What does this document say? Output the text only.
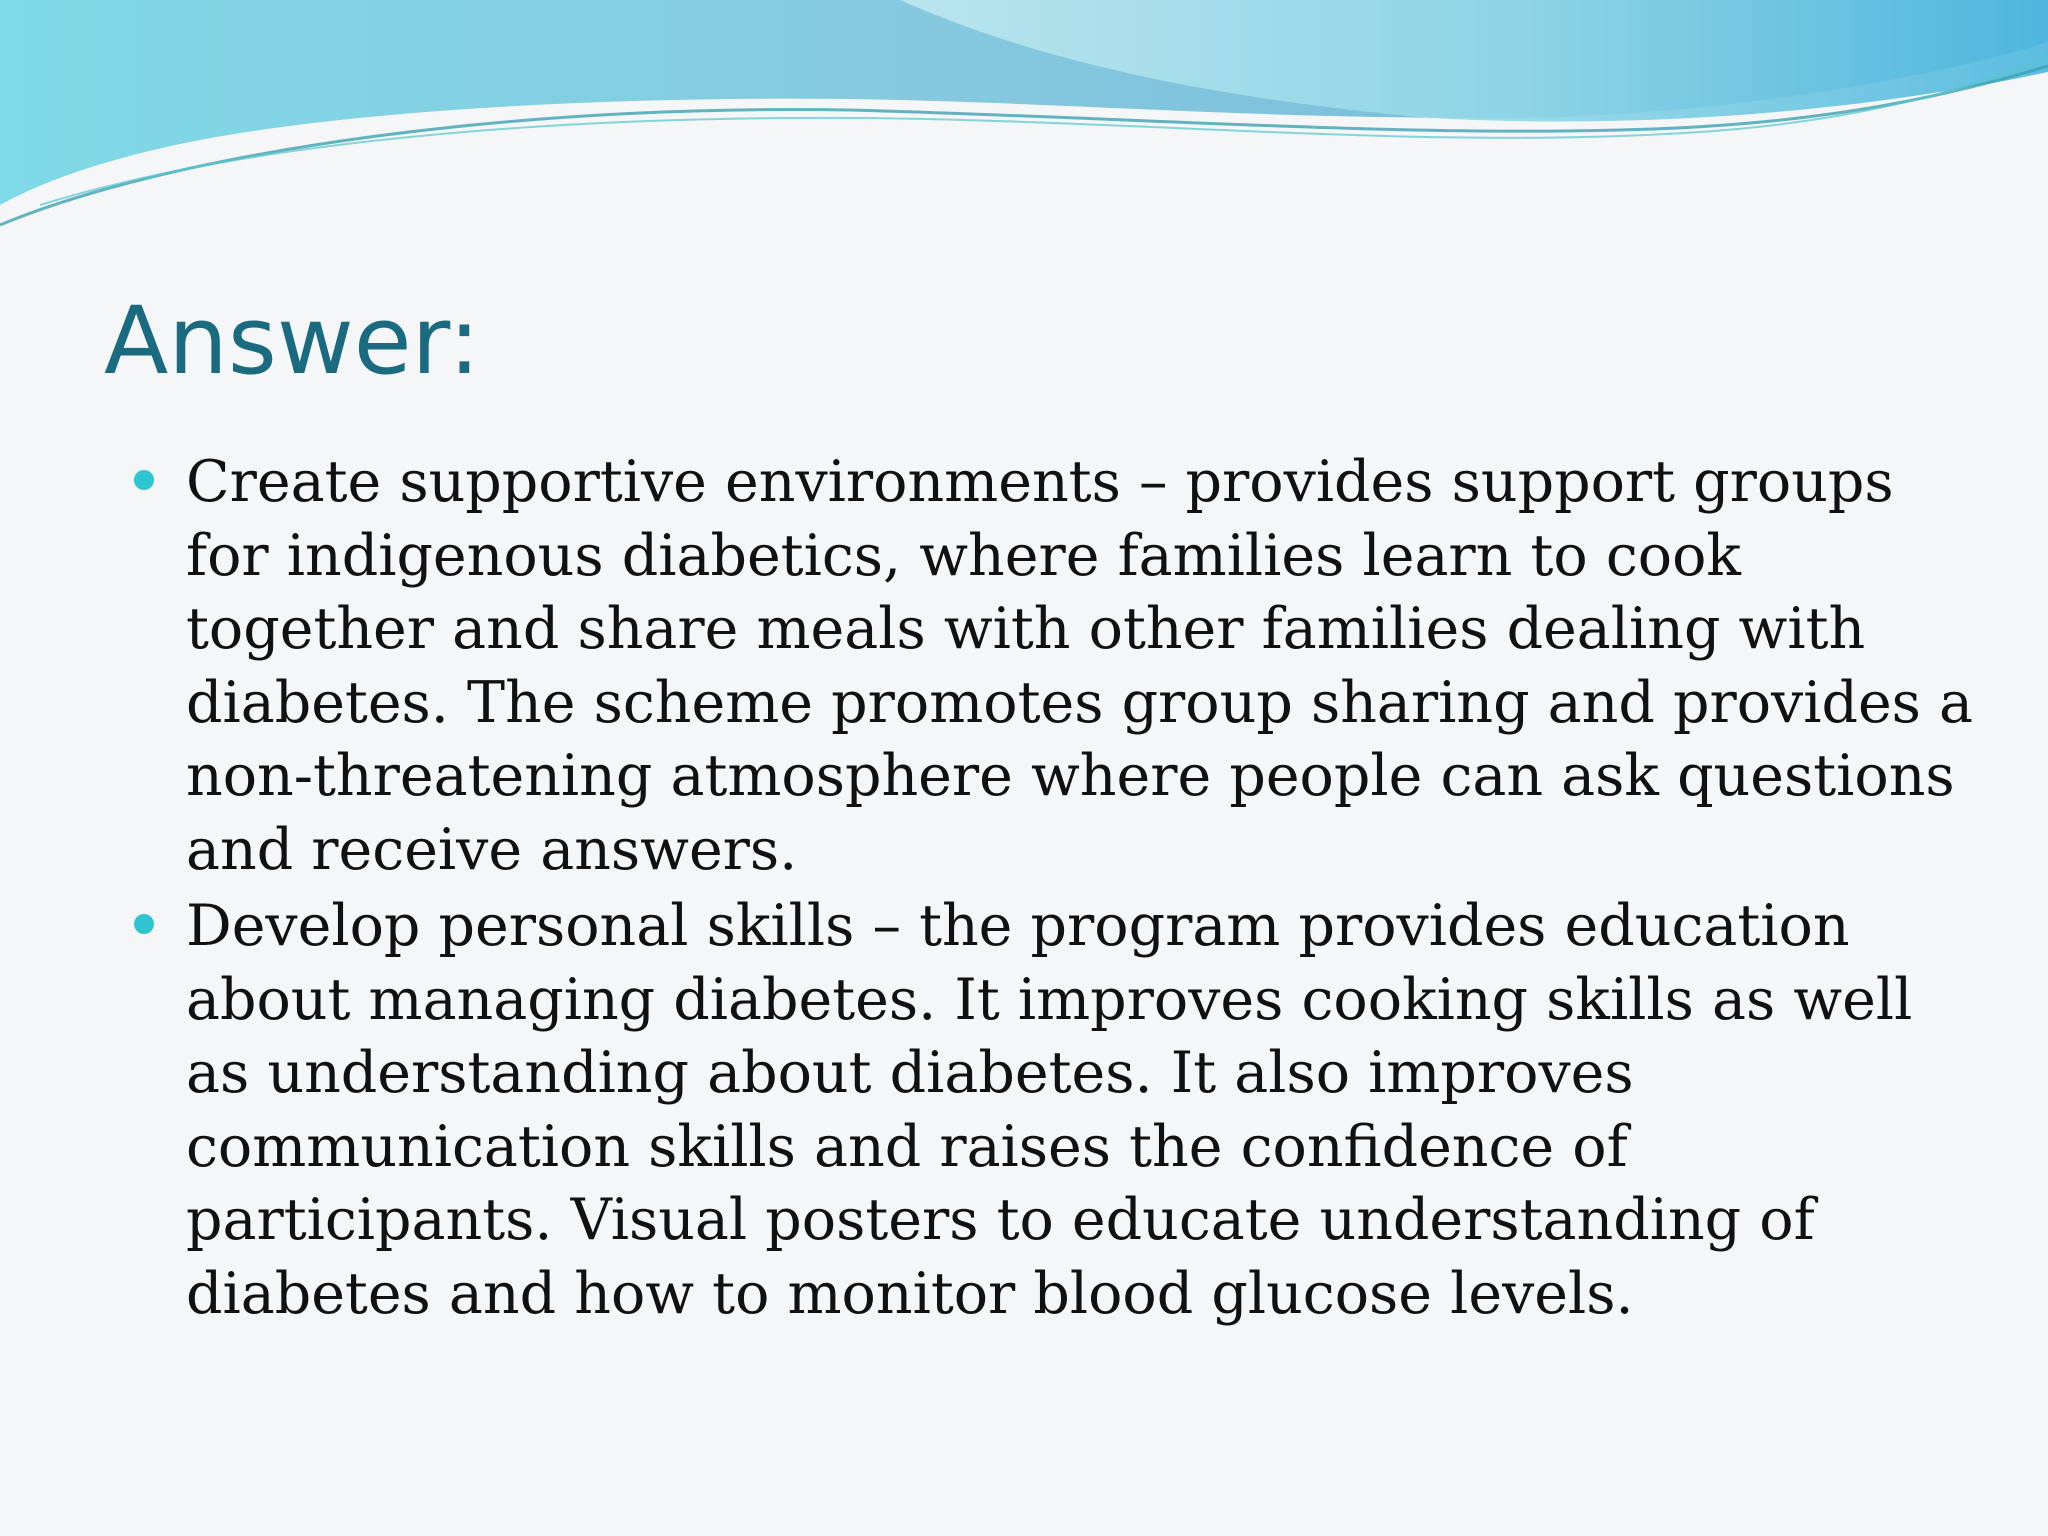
Answer:
Create supportive environments – provides support groups for indigenous diabetics, where families learn to cook together and share meals with other families dealing with diabetes. The scheme promotes group sharing and provides a non-threatening atmosphere where people can ask questions and receive answers.
Develop personal skills – the program provides education about managing diabetes. It improves cooking skills as well as understanding about diabetes. It also improves communication skills and raises the confidence of participants. Visual posters to educate understanding of diabetes and how to monitor blood glucose levels.
